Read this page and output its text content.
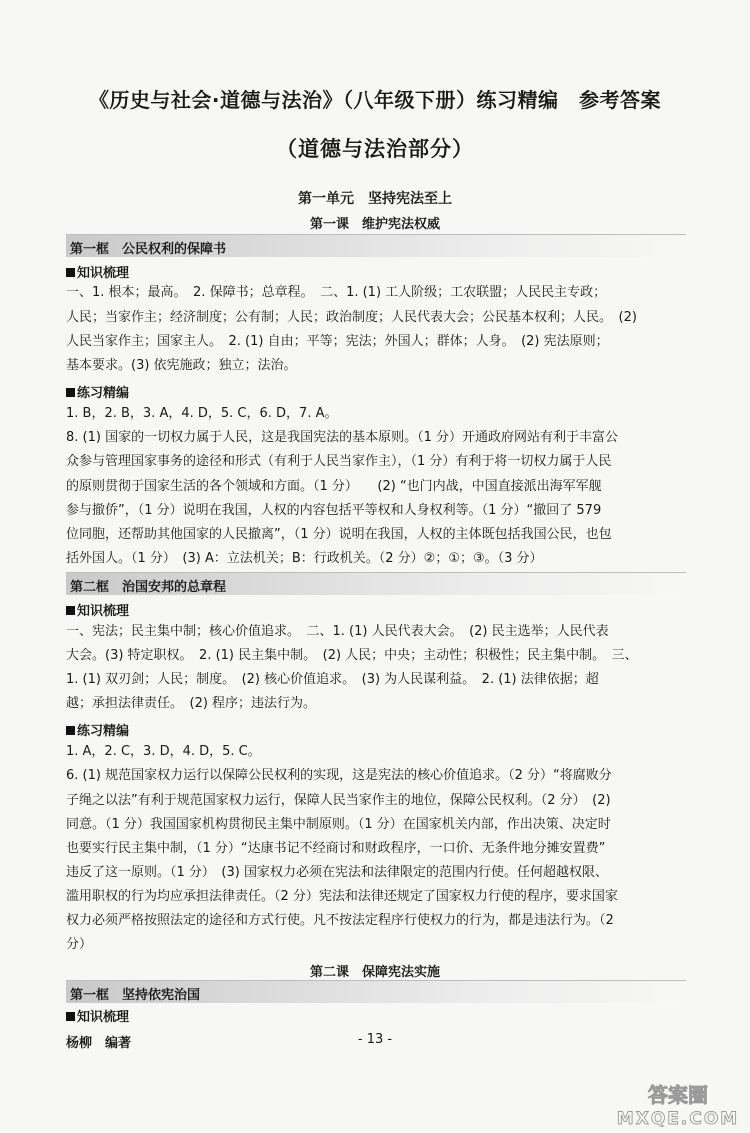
《历史与社会·道德与法治》（八年级下册）练习精编　参考答案
（道德与法治部分）
第一单元　坚持宪法至上
第一课　维护宪法权威
第一框　公民权利的保障书
知识梳理
一、1. 根本；最高。　2. 保障书；总章程。　二、1. (1) 工人阶级；工农联盟；人民民主专政；
人民；当家作主；经济制度；公有制；人民；政治制度；人民代表大会；公民基本权利；人民。　(2)
人民当家作主；国家主人。　2. (1) 自由；平等；宪法；外国人；群体；人身。　(2) 宪法原则；
基本要求。(3) 依宪施政；独立；法治。
练习精编
1. B，2. B，3. A，4. D，5. C，6. D，7. A。
8. (1) 国家的一切权力属于人民，这是我国宪法的基本原则。（1 分）开通政府网站有利于丰富公
众参与管理国家事务的途径和形式（有利于人民当家作主），（1 分）有利于将一切权力属于人民
的原则贯彻于国家生活的各个领域和方面。（1 分）　　(2) “也门内战，中国直接派出海军军舰
参与撤侨”，（1 分）说明在我国，人权的内容包括平等权和人身权利等。（1 分）“撤回了 579
位同胞，还帮助其他国家的人民撤离”，（1 分）说明在我国，人权的主体既包括我国公民，也包
括外国人。（1 分）　(3) A：立法机关；B：行政机关。（2 分）②；①；③。（3 分）
第二框　治国安邦的总章程
知识梳理
一、宪法；民主集中制；核心价值追求。　二、1. (1) 人民代表大会。　(2) 民主选举；人民代表
大会。(3) 特定职权。　2. (1) 民主集中制。　(2) 人民；中央；主动性；积极性；民主集中制。　三、
1. (1) 双刃剑；人民；制度。　(2) 核心价值追求。　(3) 为人民谋利益。　2. (1) 法律依据；超
越；承担法律责任。　(2) 程序；违法行为。
练习精编
1. A，2. C，3. D，4. D，5. C。
6. (1) 规范国家权力运行以保障公民权利的实现，这是宪法的核心价值追求。（2 分）“将腐败分
子绳之以法”有利于规范国家权力运行，保障人民当家作主的地位，保障公民权利。（2 分）　(2)
同意。（1 分）我国国家机构贯彻民主集中制原则。（1 分）在国家机关内部，作出决策、决定时
也要实行民主集中制，（1 分）“达康书记不经商讨和财政程序，一口价、无条件地分摊安置费”
违反了这一原则。（1 分）　(3) 国家权力必须在宪法和法律限定的范围内行使。任何超越权限、
滥用职权的行为均应承担法律责任。（2 分）宪法和法律还规定了国家权力行使的程序，要求国家
权力必须严格按照法定的途径和方式行使。凡不按法定程序行使权力的行为，都是违法行为。（2
分）
第二课　保障宪法实施
第一框　坚持依宪治国
知识梳理
杨柳　编著	- 13 -
答案圈
MXQE.COM
